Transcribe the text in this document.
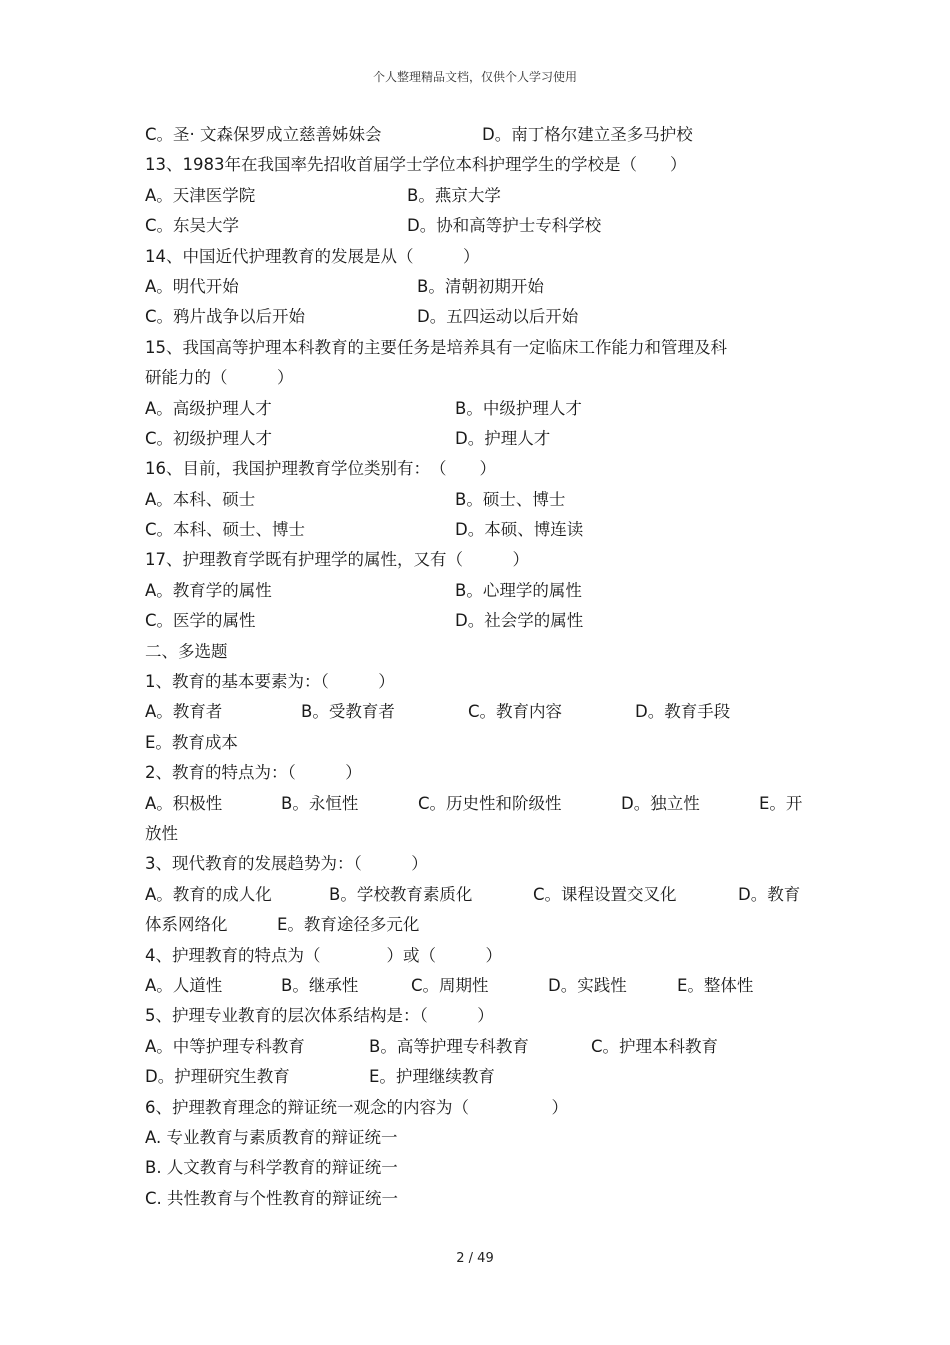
个人整理精品文档，仅供个人学习使用
C。圣· 文森保罗成立慈善姊妹会	D。南丁格尔建立圣多马护校
13、1983年在我国率先招收首届学士学位本科护理学生的学校是（　　）
A。天津医学院	B。燕京大学
C。东吴大学	D。协和高等护士专科学校
14、中国近代护理教育的发展是从（　　　）
A。明代开始	B。清朝初期开始
C。鸦片战争以后开始	D。五四运动以后开始
15、我国高等护理本科教育的主要任务是培养具有一定临床工作能力和管理及科
研能力的（　　　）
A。高级护理人才	B。中级护理人才
C。初级护理人才	D。护理人才
16、目前，我国护理教育学位类别有：　（　　）
A。本科、硕士	B。硕士、博士
C。本科、硕士、博士	D。本硕、博连读
17、护理教育学既有护理学的属性，又有（　　　）
A。教育学的属性	B。心理学的属性
C。医学的属性	D。社会学的属性
二、多选题
1、教育的基本要素为：（　　　）
A。教育者	B。受教育者	C。教育内容	D。教育手段
E。教育成本
2、教育的特点为：（　　　）
A。积极性	B。永恒性	C。历史性和阶级性	D。独立性	E。开
放性
3、现代教育的发展趋势为：（　　　）
A。教育的成人化	B。学校教育素质化	C。课程设置交叉化	D。教育
体系网络化	E。教育途径多元化
4、护理教育的特点为（　　　　）或（　　　）
A。人道性	B。继承性	C。周期性	D。实践性	E。整体性
5、护理专业教育的层次体系结构是：（　　　）
A。中等护理专科教育	B。高等护理专科教育	C。护理本科教育
D。护理研究生教育	E。护理继续教育
6、护理教育理念的辩证统一观念的内容为（　　　　　）
A. 专业教育与素质教育的辩证统一
B. 人文教育与科学教育的辩证统一
C. 共性教育与个性教育的辩证统一
2 / 49
